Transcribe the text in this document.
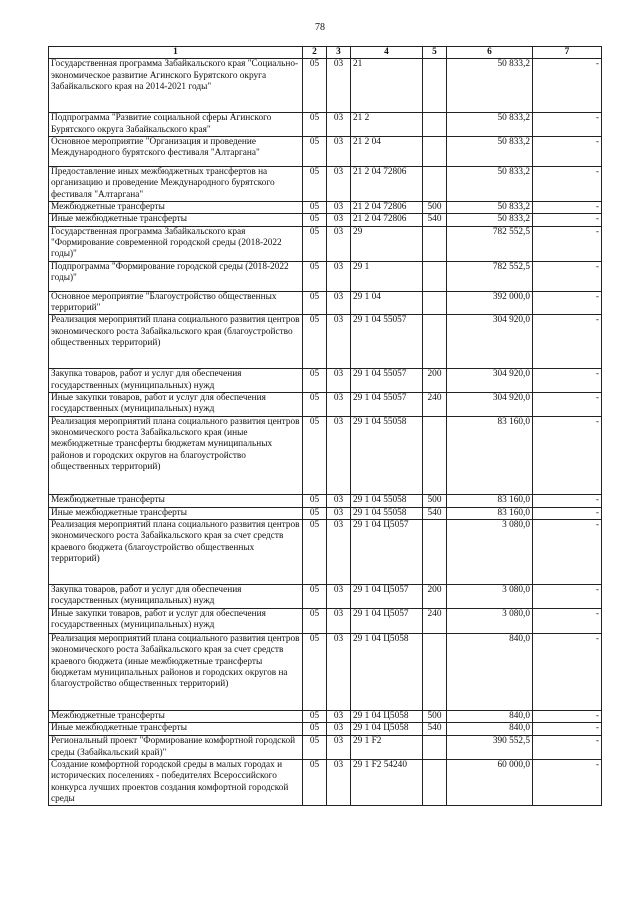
78
1	2	3	4	5	6	7
Государственная программа Забайкальского края "Социально-экономическое развитие Агинского Бурятского округа Забайкальского края на 2014-2021 годы"	05	03	21		50 833,2	-
Подпрограмма "Развитие социальной сферы Агинского Бурятского округа Забайкальского края"	05	03	21 2		50 833,2	-
Основное мероприятие "Организация и проведение Международного бурятского фестиваля "Алтаргана"	05	03	21 2 04		50 833,2	-
Предоставление иных межбюджетных трансфертов на организацию и проведение Международного бурятского фестиваля "Алтаргана"	05	03	21 2 04 72806		50 833,2	-
Межбюджетные трансферты	05	03	21 2 04 72806	500	50 833,2	-
Иные межбюджетные трансферты	05	03	21 2 04 72806	540	50 833,2	-
Государственная программа Забайкальского края "Формирование современной городской среды (2018-2022 годы)"	05	03	29		782 552,5	-
Подпрограмма "Формирование городской среды (2018-2022 годы)"	05	03	29 1		782 552,5	-
Основное мероприятие "Благоустройство общественных территорий"	05	03	29 1 04		392 000,0	-
Реализация мероприятий плана социального развития центров экономического роста Забайкальского края (благоустройство общественных территорий)	05	03	29 1 04 55057		304 920,0	-
Закупка товаров, работ и услуг для обеспечения государственных (муниципальных) нужд	05	03	29 1 04 55057	200	304 920,0	-
Иные закупки товаров, работ и услуг для обеспечения государственных (муниципальных) нужд	05	03	29 1 04 55057	240	304 920,0	-
Реализация мероприятий плана социального развития центров экономического роста Забайкальского края (иные межбюджетные трансферты бюджетам муниципальных районов и городских округов на благоустройство общественных территорий)	05	03	29 1 04 55058		83 160,0	-
Межбюджетные трансферты	05	03	29 1 04 55058	500	83 160,0	-
Иные межбюджетные трансферты	05	03	29 1 04 55058	540	83 160,0	-
Реализация мероприятий плана социального развития центров экономического роста Забайкальского края за счет средств краевого бюджета (благоустройство общественных территорий)	05	03	29 1 04 Ц5057		3 080,0	-
Закупка товаров, работ и услуг для обеспечения государственных (муниципальных) нужд	05	03	29 1 04 Ц5057	200	3 080,0	-
Иные закупки товаров, работ и услуг для обеспечения государственных (муниципальных) нужд	05	03	29 1 04 Ц5057	240	3 080,0	-
Реализация мероприятий плана социального развития центров экономического роста Забайкальского края за счет средств краевого бюджета (иные межбюджетные трансферты бюджетам муниципальных районов и городских округов на благоустройство общественных территорий)	05	03	29 1 04 Ц5058		840,0	-
Межбюджетные трансферты	05	03	29 1 04 Ц5058	500	840,0	-
Иные межбюджетные трансферты	05	03	29 1 04 Ц5058	540	840,0	-
Региональный проект "Формирование комфортной городской среды (Забайкальский край)"	05	03	29 1 F2		390 552,5	-
Создание комфортной городской среды в малых городах и исторических поселениях - победителях Всероссийского конкурса лучших проектов создания комфортной городской среды	05	03	29 1 F2 54240		60 000,0	-
